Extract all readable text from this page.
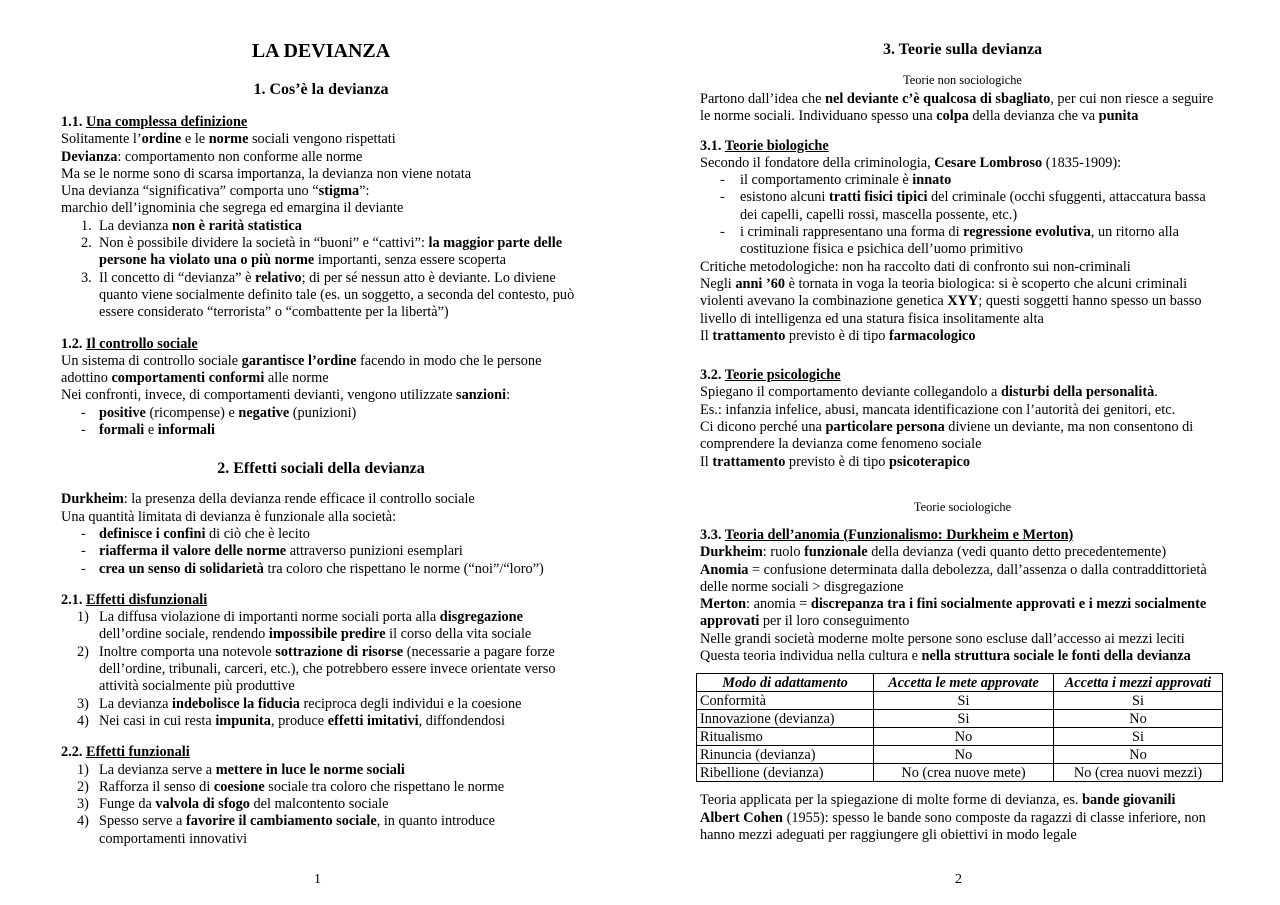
LA DEVIANZA
1. Cos’è la devianza
1.1. Una complessa definizione

Solitamente l’ordine e le norme sociali vengono rispettati

Devianza: comportamento non conforme alle norme

Ma se le norme sono di scarsa importanza, la devianza non viene notata

Una devianza “significativa” comporta uno “stigma”:

marchio dell’ignominia che segrega ed emargina il deviante

1. La devianza non è rarità statistica
2. Non è possibile dividere la società in “buoni” e “cattivi”: la maggior parte delle persone ha violato una o più norme importanti, senza essere scoperta
3. Il concetto di “devianza” è relativo; di per sé nessun atto è deviante. Lo diviene quanto viene socialmente definito tale (es. un soggetto, a seconda del contesto, può essere considerato “terrorista” o “combattente per la libertà”)
1.2. Il controllo sociale

Un sistema di controllo sociale garantisce l’ordine facendo in modo che le persone adottino comportamenti conformi alle norme

Nei confronti, invece, di comportamenti devianti, vengono utilizzate sanzioni:

- positive (ricompense) e negative (punizioni)
- formali e informali
2. Effetti sociali della devianza

Durkheim: la presenza della devianza rende efficace il controllo sociale

Una quantità limitata di devianza è funzionale alla società:

- definisce i confini di ciò che è lecito
- riafferma il valore delle norme attraverso punizioni esemplari
- crea un senso di solidarietà tra coloro che rispettano le norme (“noi”/“loro”)
2.1. Effetti disfunzionali
1) La diffusa violazione di importanti norme sociali porta alla disgregazione dell’ordine sociale, rendendo impossibile predire il corso della vita sociale
2) Inoltre comporta una notevole sottrazione di risorse (necessarie a pagare forze dell’ordine, tribunali, carceri, etc.), che potrebbero essere invece orientate verso attività socialmente più produttive
3) La devianza indebolisce la fiducia reciproca degli individui e la coesione
4) Nei casi in cui resta impunita, produce effetti imitativi, diffondendosi
2.2. Effetti funzionali
1) La devianza serve a mettere in luce le norme sociali
2) Rafforza il senso di coesione sociale tra coloro che rispettano le norme
3) Funge da valvola di sfogo del malcontento sociale
4) Spesso serve a favorire il cambiamento sociale, in quanto introduce comportamenti innovativi
1
3. Teorie sulla devianza
Teorie non sociologiche

Partono dall’idea che nel deviante c’è qualcosa di sbagliato, per cui non riesce a seguire le norme sociali. Individuano spesso una colpa della devianza che va punita

3.1. Teorie biologiche

Secondo il fondatore della criminologia, Cesare Lombroso (1835-1909):

- il comportamento criminale è innato
- esistono alcuni tratti fisici tipici del criminale (occhi sfuggenti, attaccatura bassa dei capelli, capelli rossi, mascella possente, etc.)
- i criminali rappresentano una forma di regressione evolutiva, un ritorno alla costituzione fisica e psichica dell’uomo primitivo

Critiche metodologiche: non ha raccolto dati di confronto sui non-criminali

Negli anni ’60 è tornata in voga la teoria biologica: si è scoperto che alcuni criminali violenti avevano la combinazione genetica XYY; questi soggetti hanno spesso un basso livello di intelligenza ed una statura fisica insolitamente alta

Il trattamento previsto è di tipo farmacologico

3.2. Teorie psicologiche

Spiegano il comportamento deviante collegandolo a disturbi della personalità.

Es.: infanzia infelice, abusi, mancata identificazione con l’autorità dei genitori, etc.

Ci dicono perché una particolare persona diviene un deviante, ma non consentono di comprendere la devianza come fenomeno sociale

Il trattamento previsto è di tipo psicoterapico

Teorie sociologiche
3.3. Teoria dell’anomia (Funzionalismo: Durkheim e Merton)

Durkheim: ruolo funzionale della devianza (vedi quanto detto precedentemente)

Anomia = confusione determinata dalla debolezza, dall’assenza o dalla contraddittorietà delle norme sociali > disgregazione

Merton: anomia = discrepanza tra i fini socialmente approvati e i mezzi socialmente approvati per il loro conseguimento

Nelle grandi società moderne molte persone sono escluse dall’accesso ai mezzi leciti

Questa teoria individua nella cultura e nella struttura sociale le fonti della devianza

Modo di adattamento	Accetta le mete approvate	Accetta i mezzi approvati
Conformità	Si	Si
Innovazione (devianza)	Si	No
Ritualismo	No	Si
Rinuncia (devianza)	No	No
Ribellione (devianza)	No (crea nuove mete)	No (crea nuovi mezzi)

Teoria applicata per la spiegazione di molte forme di devianza, es. bande giovanili

Albert Cohen (1955): spesso le bande sono composte da ragazzi di classe inferiore, non hanno mezzi adeguati per raggiungere gli obiettivi in modo legale

2
